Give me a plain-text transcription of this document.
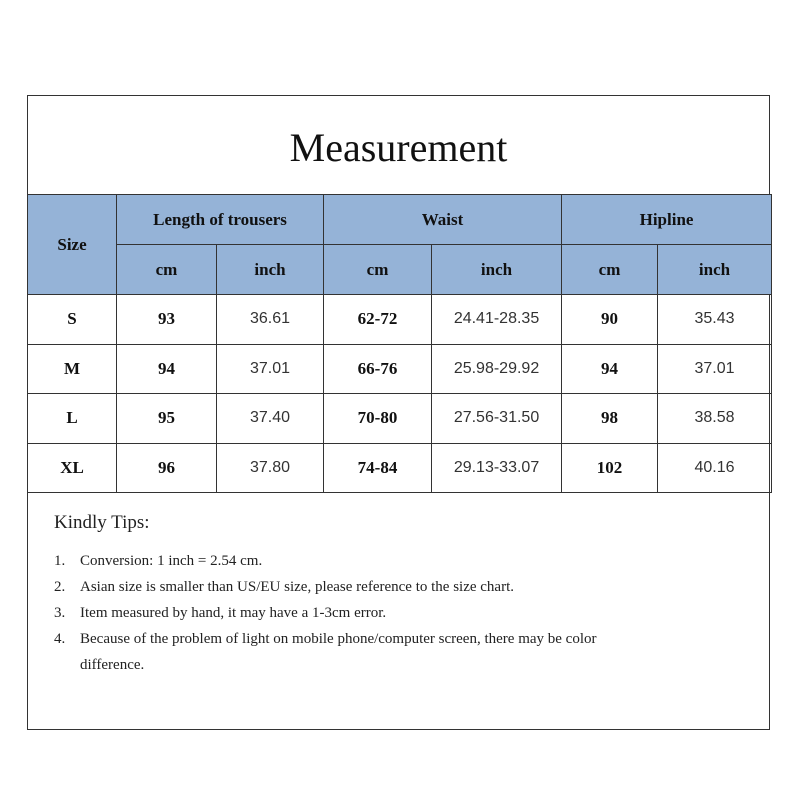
Measurement
Size	Length of trousers		Waist		Hipline	
	cm	inch	cm	inch	cm	inch
S	93	36.61	62-72	24.41-28.35	90	35.43
M	94	37.01	66-76	25.98-29.92	94	37.01
L	95	37.40	70-80	27.56-31.50	98	38.58
XL	96	37.80	74-84	29.13-33.07	102	40.16
Kindly Tips:
1. Conversion: 1 inch = 2.54 cm.
2. Asian size is smaller than US/EU size, please reference to the size chart.
3. Item measured by hand, it may have a 1-3cm error.
4. Because of the problem of light on mobile phone/computer screen, there may be color difference.
